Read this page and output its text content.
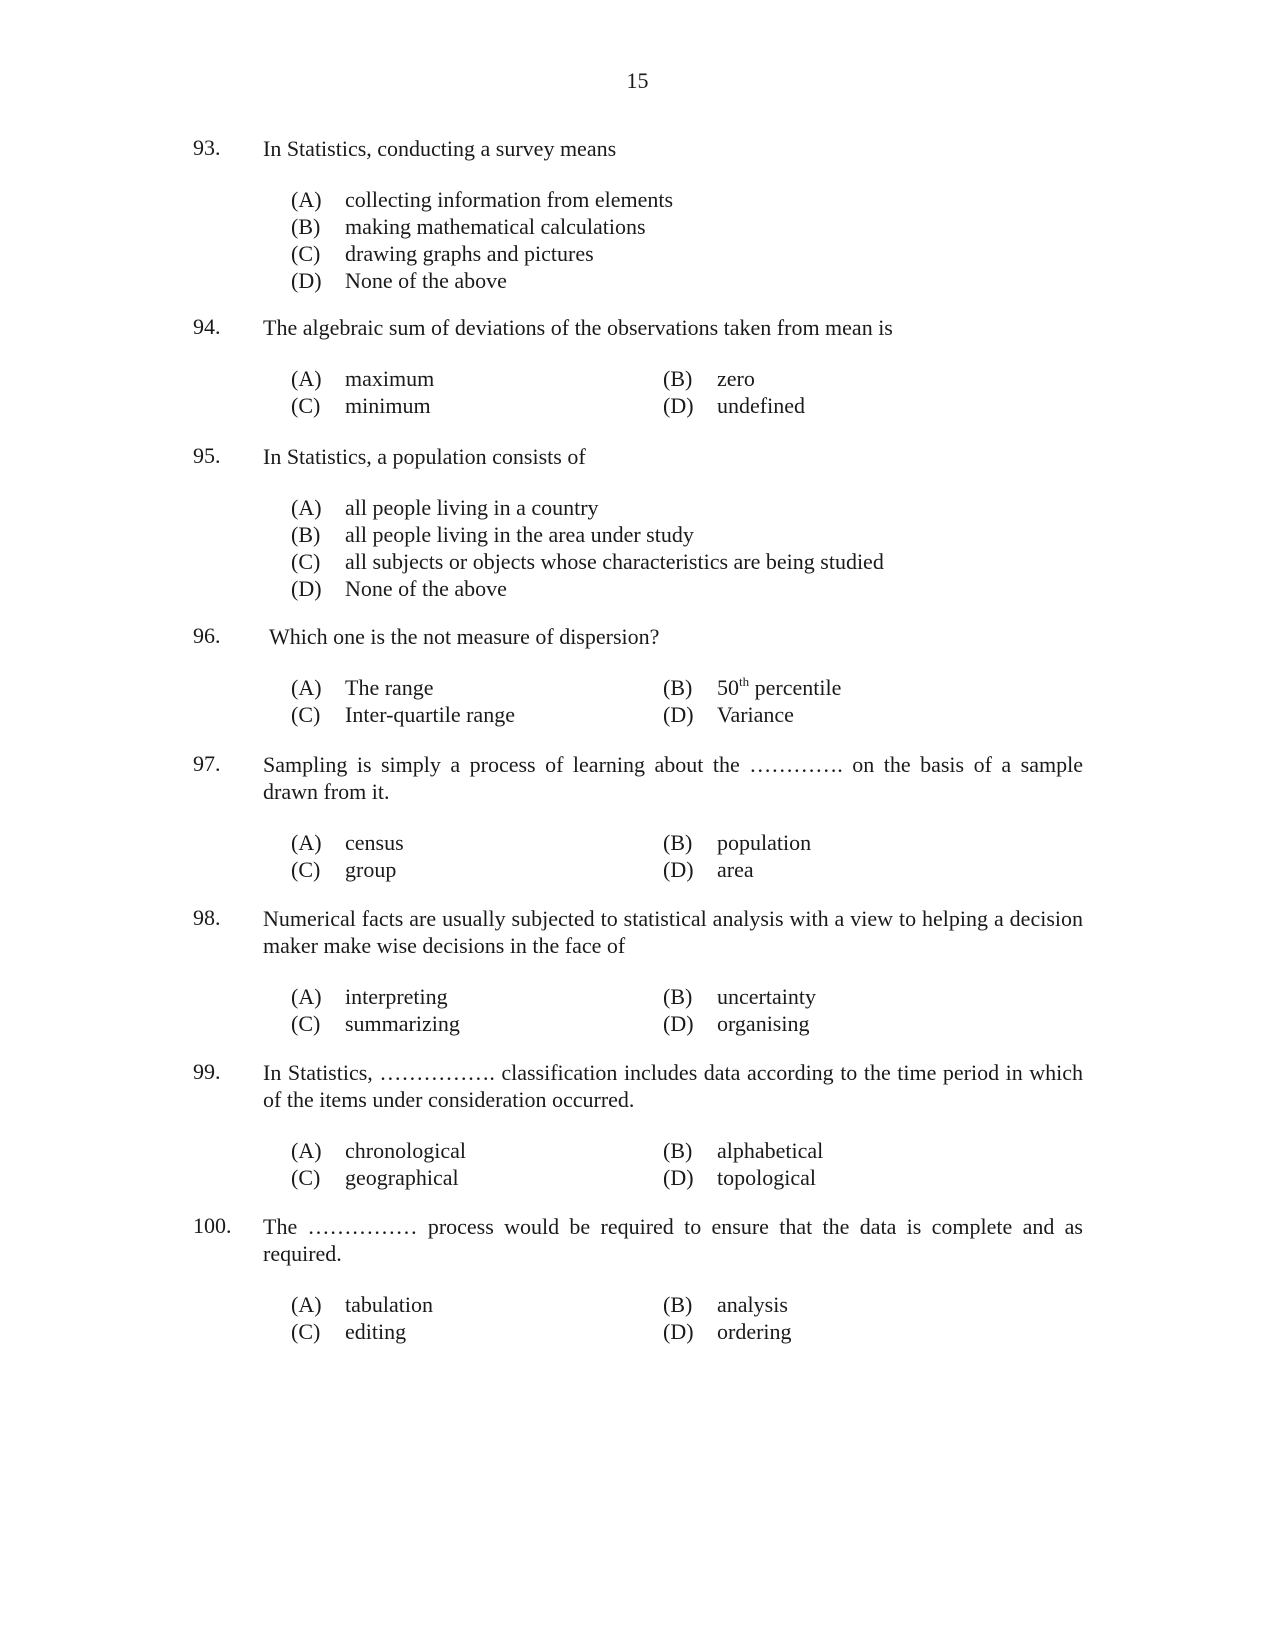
15
93. In Statistics, conducting a survey means
(A) collecting information from elements
(B) making mathematical calculations
(C) drawing graphs and pictures
(D) None of the above
94. The algebraic sum of deviations of the observations taken from mean is
(A) maximum	(B) zero
(C) minimum	(D) undefined
95. In Statistics, a population consists of
(A) all people living in a country
(B) all people living in the area under study
(C) all subjects or objects whose characteristics are being studied
(D) None of the above
96. Which one is the not measure of dispersion?
(A) The range	(B) 50th percentile
(C) Inter-quartile range	(D) Variance
97. Sampling is simply a process of learning about the …………. on the basis of a sample drawn from it.
(A) census	(B) population
(C) group	(D) area
98. Numerical facts are usually subjected to statistical analysis with a view to helping a decision maker make wise decisions in the face of
(A) interpreting	(B) uncertainty
(C) summarizing	(D) organising
99. In Statistics, ……………. classification includes data according to the time period in which of the items under consideration occurred.
(A) chronological	(B) alphabetical
(C) geographical	(D) topological
100. The …………… process would be required to ensure that the data is complete and as required.
(A) tabulation	(B) analysis
(C) editing	(D) ordering
